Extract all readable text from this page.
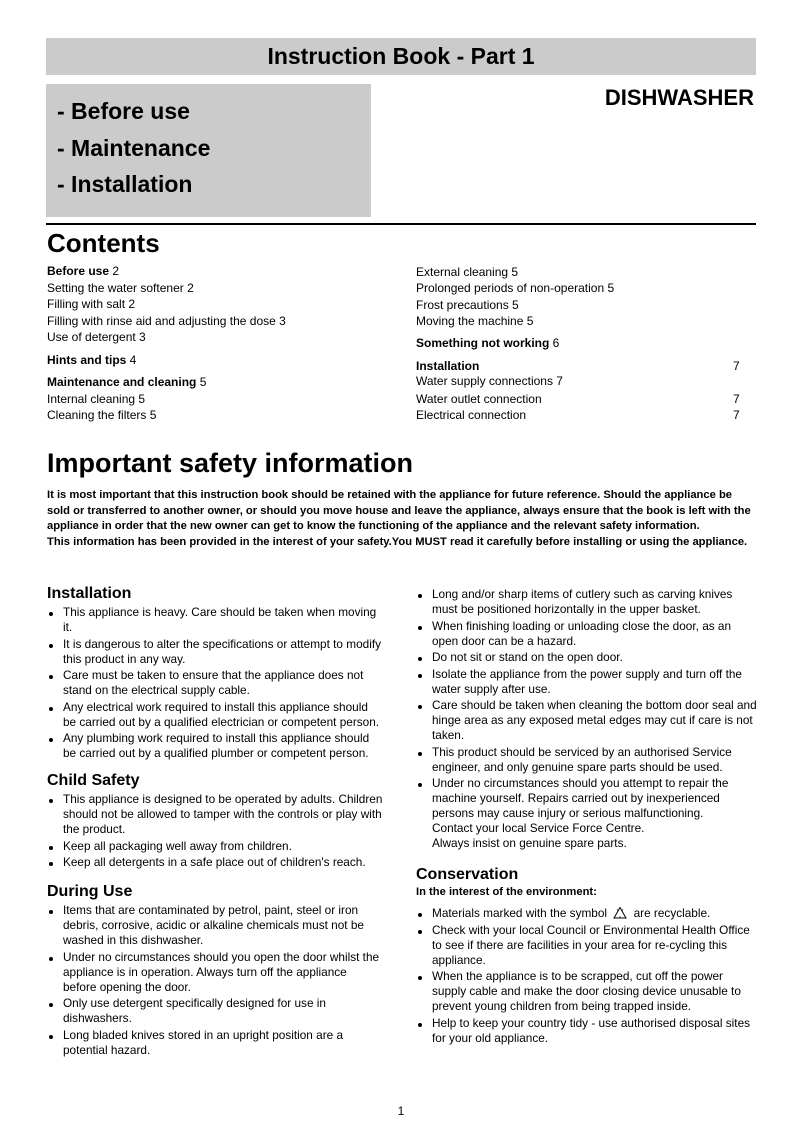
Instruction Book - Part 1
- Before use
- Maintenance
- Installation
DISHWASHER
Contents
Before use 2
Setting the water softener 2
Filling with salt 2
Filling with rinse aid and adjusting the dose 3
Use of detergent 3
Hints and tips 4
Maintenance and cleaning 5
Internal cleaning 5
Cleaning the filters 5
External cleaning 5
Prolonged periods of non-operation 5
Frost precautions 5
Moving the machine 5
Something not working 6
Installation	7
Water supply connections 7
Water outlet connection	7
Electrical connection	7
Important safety information

It is most important that this instruction book should be retained with the appliance for future reference. Should the appliance be sold or transferred to another owner, or should you move house and leave the appliance, always ensure that the book is left with the appliance in order that the new owner can get to know the functioning of the appliance and the relevant safety information.

This information has been provided in the interest of your safety.You MUST read it carefully before installing or using the appliance.

Installation
This appliance is heavy. Care should be taken when moving it.
It is dangerous to alter the specifications or attempt to modify this product in any way.
Care must be taken to ensure that the appliance does not stand on the electrical supply cable.
Any electrical work required to install this appliance should be carried out by a qualified electrician or competent person.
Any plumbing work required to install this appliance should be carried out by a qualified plumber or competent person.
Child Safety
This appliance is designed to be operated by adults. Children should not be allowed to tamper with the controls or play with the product.
Keep all packaging well away from children.
Keep all detergents in a safe place out of children's reach.
During Use
Items that are contaminated by petrol, paint, steel or iron debris, corrosive, acidic or alkaline chemicals must not be washed in this dishwasher.
Under no circumstances should you open the door whilst the appliance is in operation. Always turn off the appliance before opening the door.
Only use detergent specifically designed for use in dishwashers.
Long bladed knives stored in an upright position are a potential hazard.
Long and/or sharp items of cutlery such as carving knives must be positioned horizontally in the upper basket.
When finishing loading or unloading close the door, as an open door can be a hazard.
Do not sit or stand on the open door.
Isolate the appliance from the power supply and turn off the water supply after use.
Care should be taken when cleaning the bottom door seal and hinge area as any exposed metal edges may cut if care is not taken.
This product should be serviced by an authorised Service engineer, and only genuine spare parts should be used.
Under no circumstances should you attempt to repair the machine yourself. Repairs carried out by inexperienced persons may cause injury or serious malfunctioning.
Contact your local Service Force Centre.
Always insist on genuine spare parts.
Conservation
In the interest of the environment:
Materials marked with the symbol are recyclable.
Check with your local Council or Environmental Health Office to see if there are facilities in your area for re-cycling this appliance.
When the appliance is to be scrapped, cut off the power supply cable and make the door closing device unusable to prevent young children from being trapped inside.
Help to keep your country tidy - use authorised disposal sites for your old appliance.
1
